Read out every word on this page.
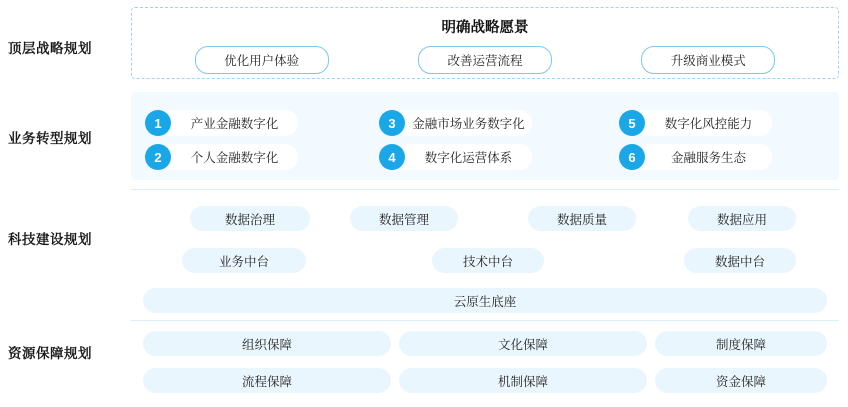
顶层战略规划
业务转型规划
科技建设规划
资源保障规划
明确战略愿景
优化用户体验	改善运营流程	升级商业模式
1	产业金融数字化
2	个人金融数字化
3	金融市场业务数字化
4	数字化运营体系
5	数字化风控能力
6	金融服务生态
数据治理	数据管理	数据质量	数据应用
业务中台	技术中台	数据中台
云原生底座
组织保障	文化保障	制度保障
流程保障	机制保障	资金保障
